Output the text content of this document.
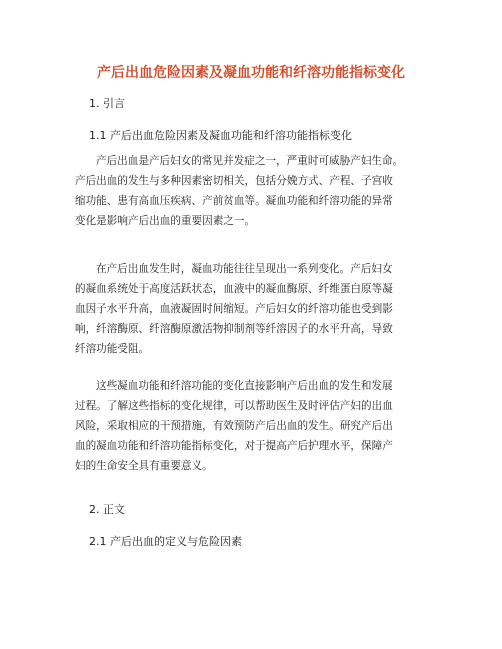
产后出血危险因素及凝血功能和纤溶功能指标变化
1. 引言
1.1 产后出血危险因素及凝血功能和纤溶功能指标变化
产后出血是产后妇女的常见并发症之一，严重时可威胁产妇生命。
产后出血的发生与多种因素密切相关，包括分娩方式、产程、子宫收
缩功能、患有高血压疾病、产前贫血等。凝血功能和纤溶功能的异常
变化是影响产后出血的重要因素之一。
在产后出血发生时，凝血功能往往呈现出一系列变化。产后妇女
的凝血系统处于高度活跃状态，血液中的凝血酶原、纤维蛋白原等凝
血因子水平升高，血液凝固时间缩短。产后妇女的纤溶功能也受到影
响，纤溶酶原、纤溶酶原激活物抑制剂等纤溶因子的水平升高，导致
纤溶功能受阻。
这些凝血功能和纤溶功能的变化直接影响产后出血的发生和发展
过程。了解这些指标的变化规律，可以帮助医生及时评估产妇的出血
风险，采取相应的干预措施，有效预防产后出血的发生。研究产后出
血的凝血功能和纤溶功能指标变化，对于提高产后护理水平，保障产
妇的生命安全具有重要意义。
2. 正文
2.1 产后出血的定义与危险因素
